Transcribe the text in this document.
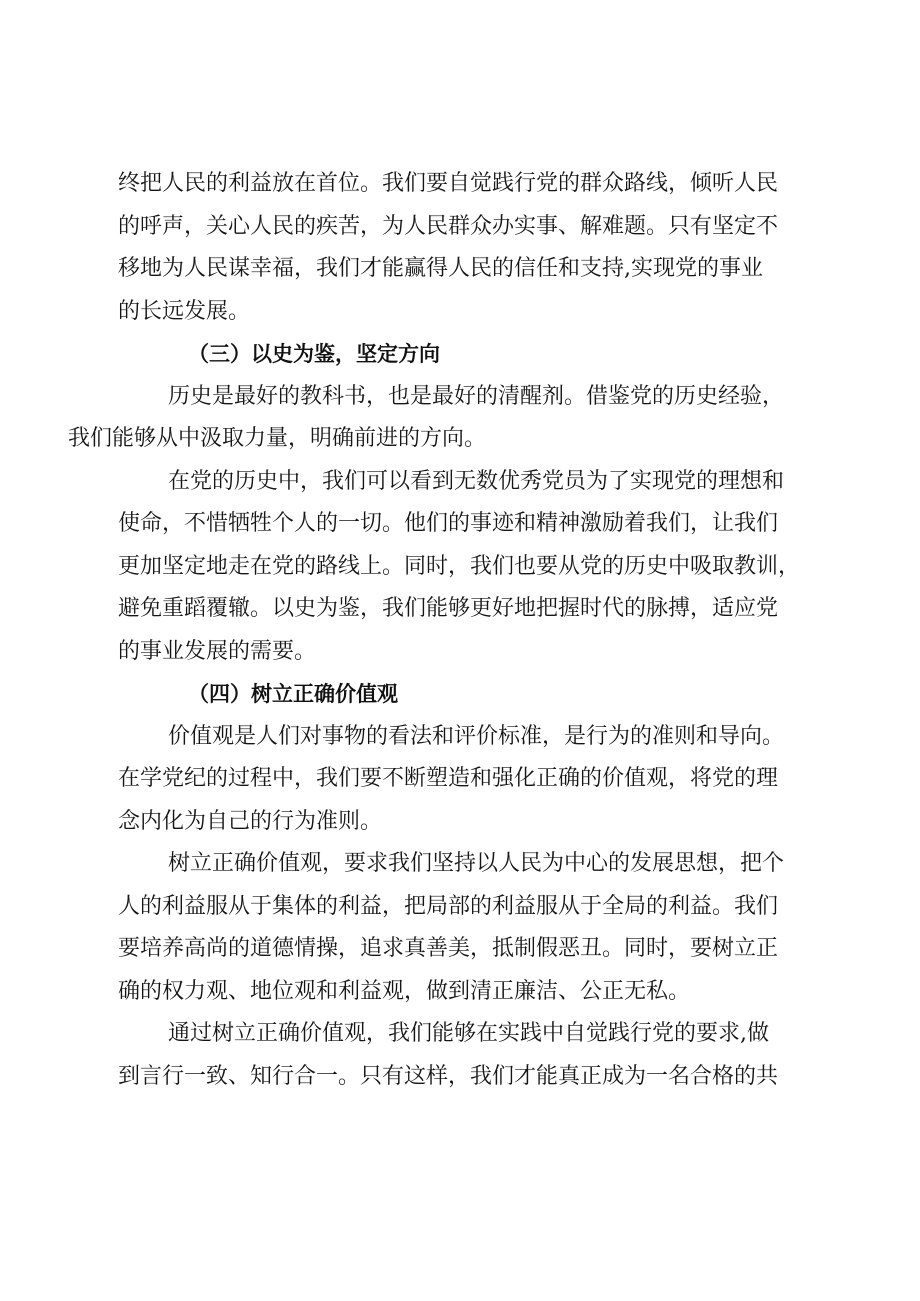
终把人民的利益放在首位。我们要自觉践行党的群众路线，倾听人民
的呼声，关心人民的疾苦，为人民群众办实事、解难题。只有坚定不
移地为人民谋幸福，我们才能赢得人民的信任和支持,实现党的事业
的长远发展。

（三）以史为鉴，坚定方向

历史是最好的教科书，也是最好的清醒剂。借鉴党的历史经验，
我们能够从中汲取力量，明确前进的方向。

在党的历史中，我们可以看到无数优秀党员为了实现党的理想和
使命，不惜牺牲个人的一切。他们的事迹和精神激励着我们，让我们
更加坚定地走在党的路线上。同时，我们也要从党的历史中吸取教训，
避免重蹈覆辙。以史为鉴，我们能够更好地把握时代的脉搏，适应党
的事业发展的需要。

（四）树立正确价值观

价值观是人们对事物的看法和评价标准，是行为的准则和导向。
在学党纪的过程中，我们要不断塑造和强化正确的价值观，将党的理
念内化为自己的行为准则。

树立正确价值观，要求我们坚持以人民为中心的发展思想，把个
人的利益服从于集体的利益，把局部的利益服从于全局的利益。我们
要培养高尚的道德情操，追求真善美，抵制假恶丑。同时，要树立正
确的权力观、地位观和利益观，做到清正廉洁、公正无私。

通过树立正确价值观，我们能够在实践中自觉践行党的要求,做
到言行一致、知行合一。只有这样，我们才能真正成为一名合格的共
